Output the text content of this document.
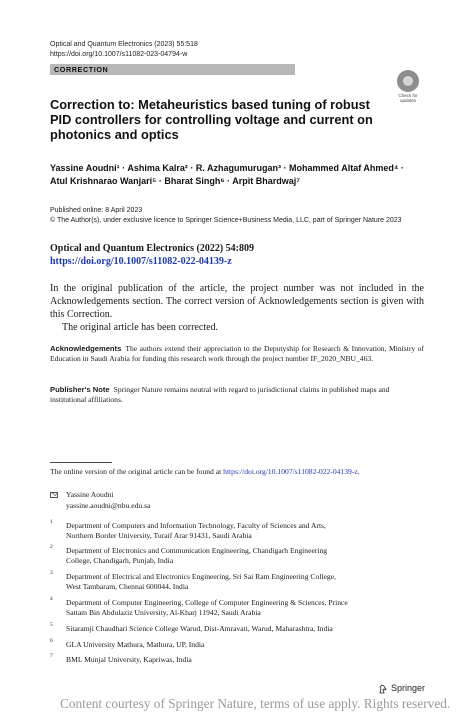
Optical and Quantum Electronics (2023) 55:518
https://doi.org/10.1007/s11082-023-04794-w
CORRECTION
Check for
updates
Correction to: Metaheuristics based tuning of robust PID controllers for controlling voltage and current on photonics and optics
Yassine Aoudni¹ · Ashima Kalra² · R. Azhagumurugan³ · Mohammed Altaf Ahmed⁴ ·
Atul Krishnarao Wanjari⁵ · Bharat Singh⁶ · Arpit Bhardwaj⁷
Published online: 8 April 2023
© The Author(s), under exclusive licence to Springer Science+Business Media, LLC, part of Springer Nature 2023
Optical and Quantum Electronics (2022) 54:809
https://doi.org/10.1007/s11082-022-04139-z
In the original publication of the article, the project number was not included in the Acknowledgements section. The correct version of Acknowledgements section is given with this Correction.
The original article has been corrected.
Acknowledgements The authors extend their appreciation to the Deputyship for Research & Innovation, Ministry of Education in Saudi Arabia for funding this research work through the project number IF_2020_NBU_463.
Publisher's Note Springer Nature remains neutral with regard to jurisdictional claims in published maps and institutional affiliations.
The online version of the original article can be found at https://doi.org/10.1007/s11082-022-04139-z.
Yassine Aoudni
yassine.aoudni@nbu.edu.sa
1 Department of Computers and Information Technology, Faculty of Sciences and Arts,
Northern Border University, Turaif Arar 91431, Saudi Arabia
2 Department of Electronics and Communication Engineering, Chandigarh Engineering
College, Chandigarh, Punjab, India
3 Department of Electrical and Electronics Engineering, Sri Sai Ram Engineering College,
West Tambaram, Chennai 600044, India
4 Department of Computer Engineering, College of Computer Engineering & Sciences, Prince
Sattam Bin Abdulaziz University, Al-Kharj 11942, Saudi Arabia
5 Sitaramji Chaudhari Science College Warud, Dist-Amravati, Warud, Maharashtra, India
6 GLA University Mathura, Mathura, UP, India
7 BML Munjal University, Kapriwas, India
Springer
Content courtesy of Springer Nature, terms of use apply. Rights reserved.
